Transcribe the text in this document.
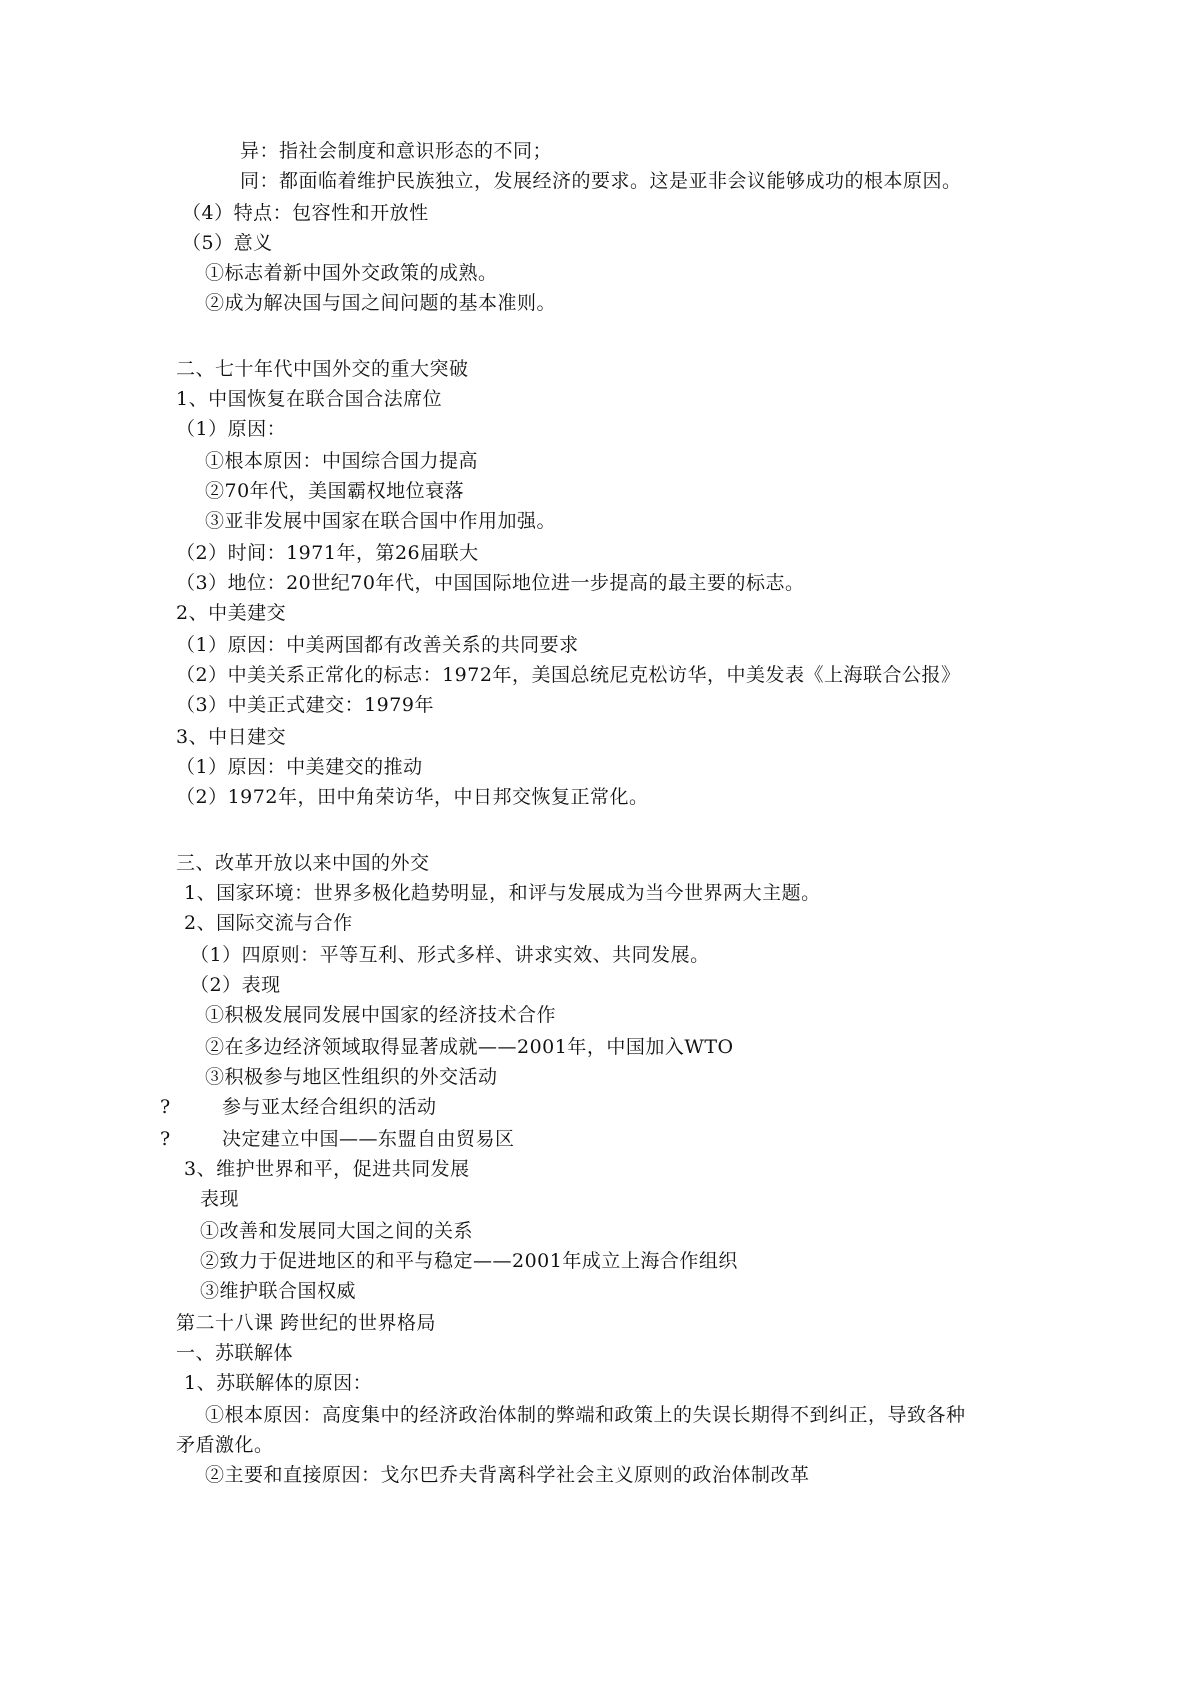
异：指社会制度和意识形态的不同；
同：都面临着维护民族独立，发展经济的要求。这是亚非会议能够成功的根本原因。
（4）特点：包容性和开放性
（5）意义
①标志着新中国外交政策的成熟。
②成为解决国与国之间问题的基本准则。
二、七十年代中国外交的重大突破
1、中国恢复在联合国合法席位
（1）原因：
①根本原因：中国综合国力提高
②70年代，美国霸权地位衰落
③亚非发展中国家在联合国中作用加强。
（2）时间：1971年，第26届联大
（3）地位：20世纪70年代，中国国际地位进一步提高的最主要的标志。
2、中美建交
（1）原因：中美两国都有改善关系的共同要求
（2）中美关系正常化的标志：1972年，美国总统尼克松访华，中美发表《上海联合公报》
（3）中美正式建交：1979年
3、中日建交
（1）原因：中美建交的推动
（2）1972年，田中角荣访华，中日邦交恢复正常化。
三、改革开放以来中国的外交
1、国家环境：世界多极化趋势明显，和评与发展成为当今世界两大主题。
2、国际交流与合作
（1）四原则：平等互利、形式多样、讲求实效、共同发展。
（2）表现
①积极发展同发展中国家的经济技术合作
②在多边经济领域取得显著成就——2001年，中国加入WTO
③积极参与地区性组织的外交活动
?	参与亚太经合组织的活动
?	决定建立中国——东盟自由贸易区
3、维护世界和平，促进共同发展
表现
①改善和发展同大国之间的关系
②致力于促进地区的和平与稳定——2001年成立上海合作组织
③维护联合国权威
第二十八课 跨世纪的世界格局
一、苏联解体
1、苏联解体的原因：
①根本原因：高度集中的经济政治体制的弊端和政策上的失误长期得不到纠正，导致各种
矛盾激化。
②主要和直接原因：戈尔巴乔夫背离科学社会主义原则的政治体制改革
